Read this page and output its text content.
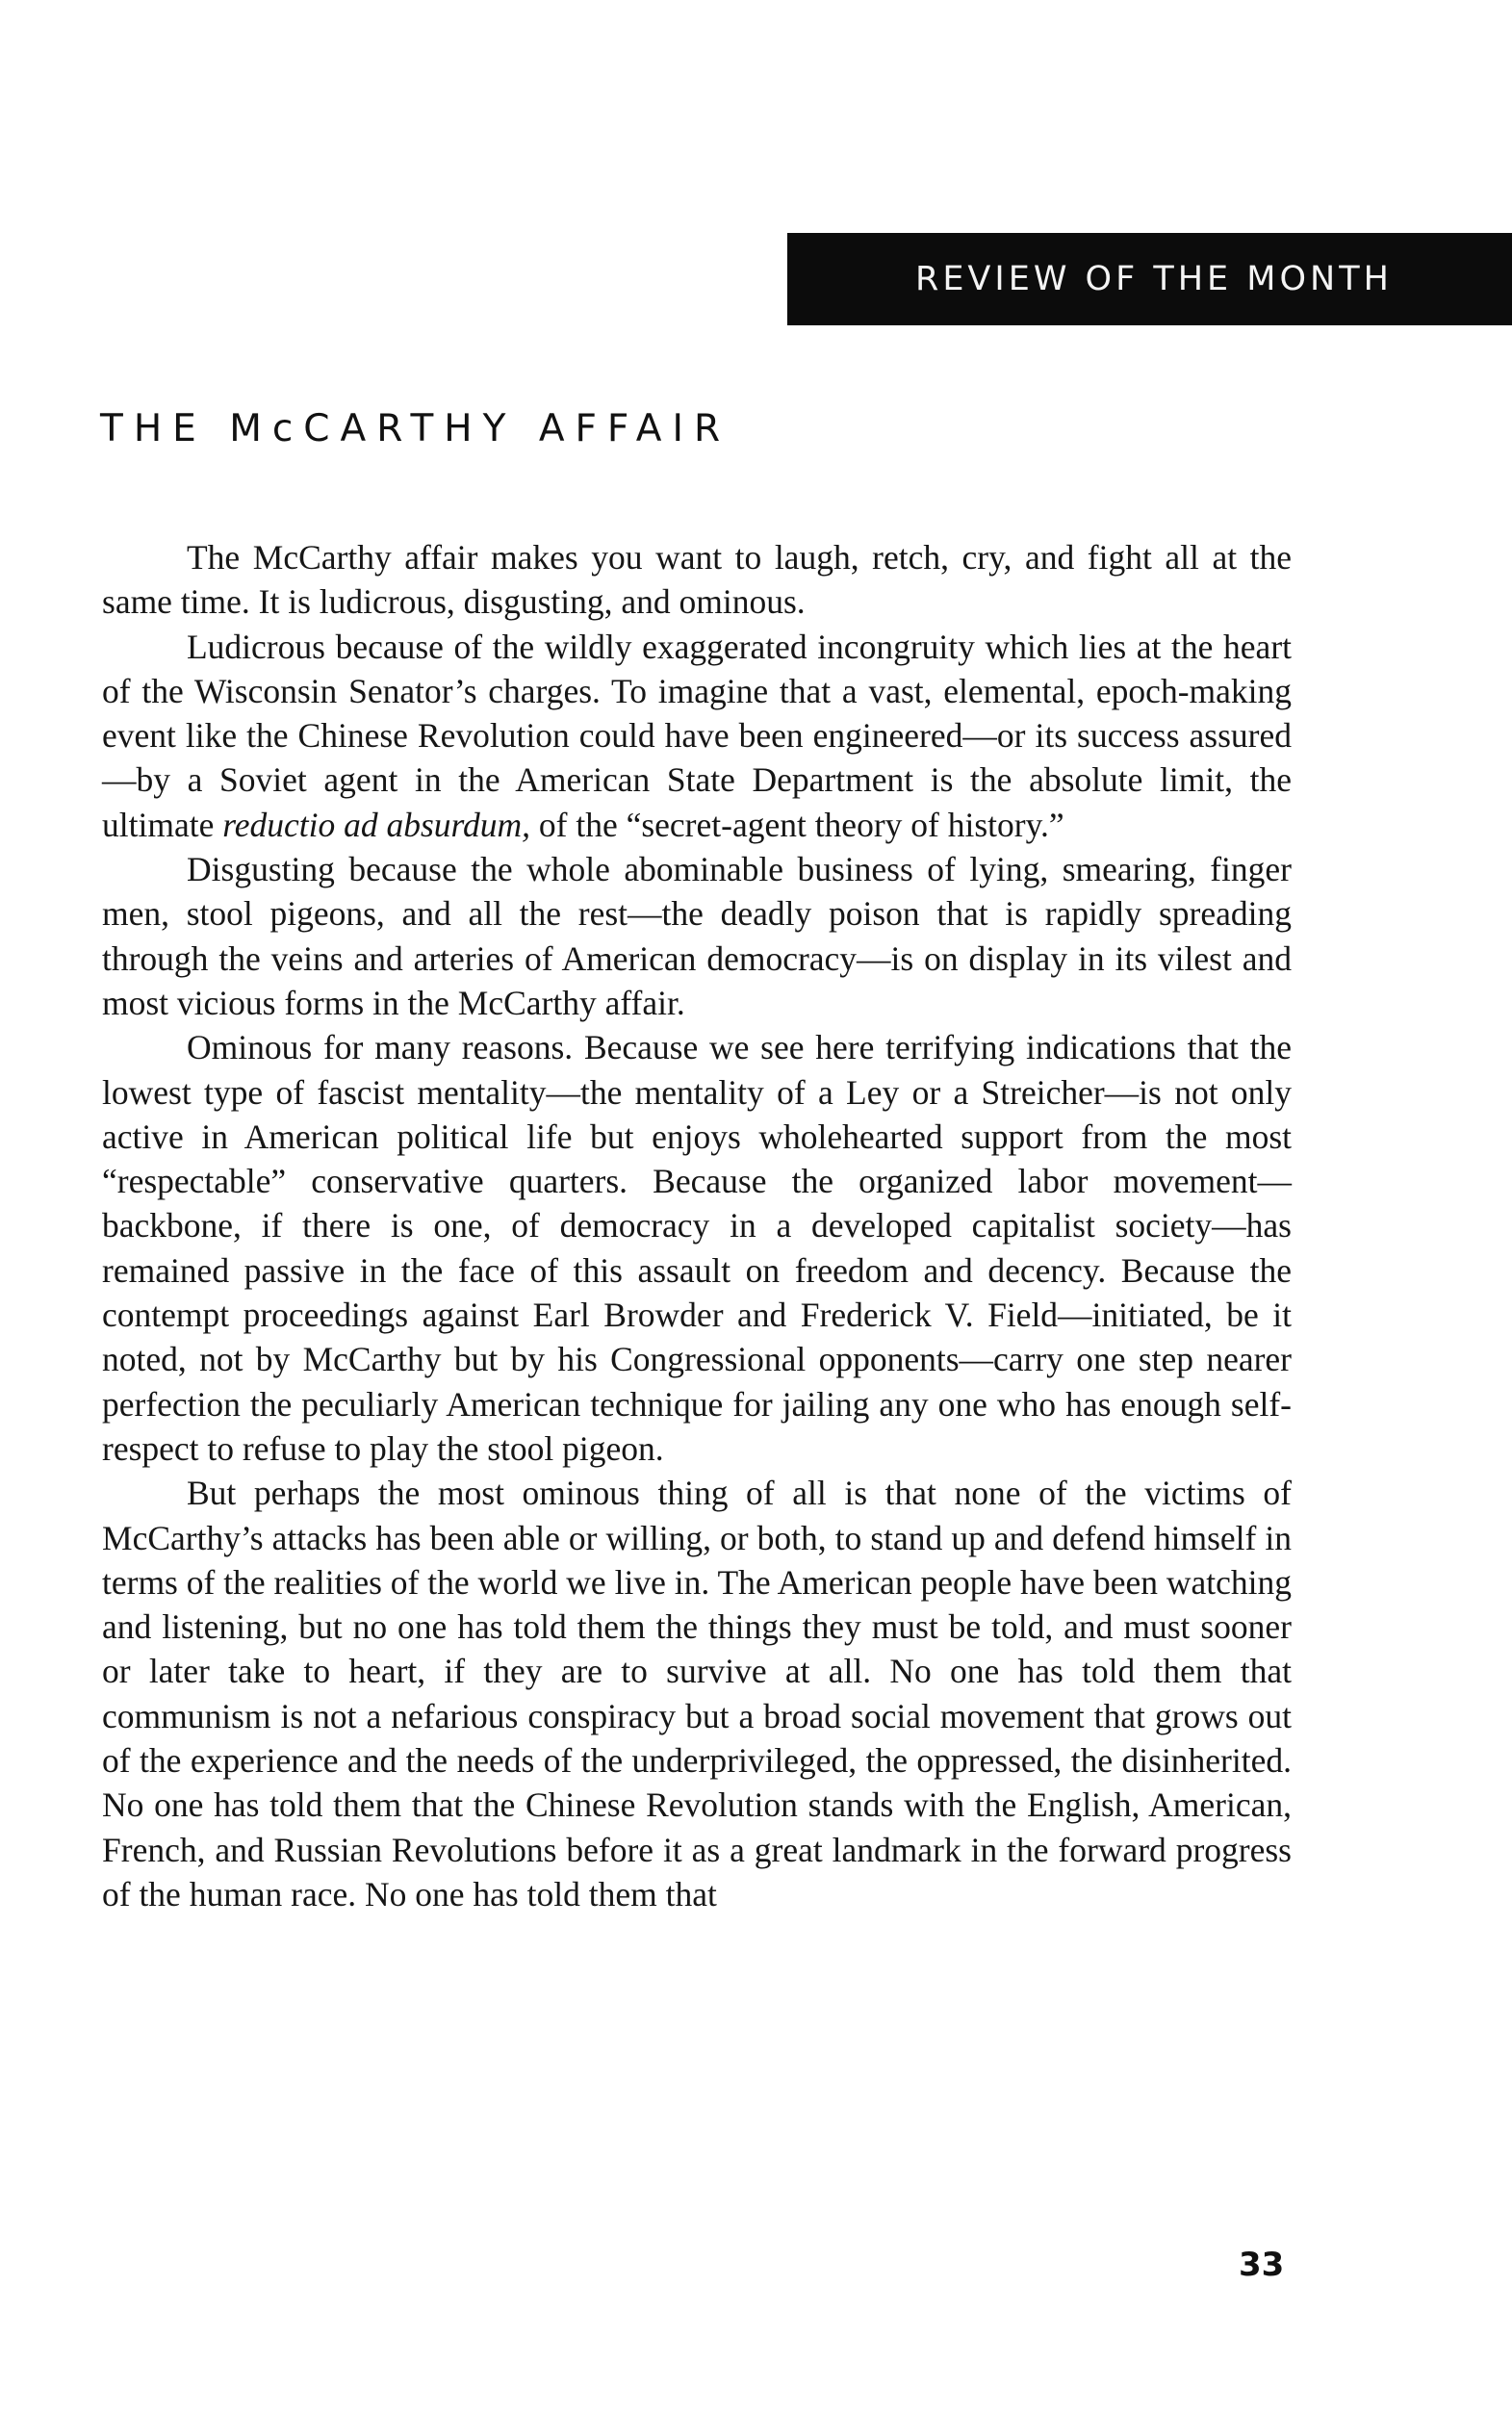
REVIEW OF THE MONTH
THE McCARTHY AFFAIR

The McCarthy affair makes you want to laugh, retch, cry, and fight all at the same time. It is ludicrous, disgusting, and ominous.

Ludicrous because of the wildly exaggerated incongruity which lies at the heart of the Wisconsin Senator’s charges. To imagine that a vast, elemental, epoch-making event like the Chinese Revolution could have been engineered—or its success assured—by a Soviet agent in the American State Department is the absolute limit, the ultimate reductio ad absurdum, of the “secret-agent theory of history.”

Disgusting because the whole abominable business of lying, smearing, finger men, stool pigeons, and all the rest—the deadly poison that is rapidly spreading through the veins and arteries of American democracy—is on display in its vilest and most vicious forms in the McCarthy affair.

Ominous for many reasons. Because we see here terrifying indications that the lowest type of fascist mentality—the mentality of a Ley or a Streicher—is not only active in American political life but enjoys wholehearted support from the most “respectable” conservative quarters. Because the organized labor movement—backbone, if there is one, of democracy in a developed capitalist society—has remained passive in the face of this assault on freedom and decency. Because the contempt proceedings against Earl Browder and Frederick V. Field—initiated, be it noted, not by McCarthy but by his Congressional opponents—carry one step nearer perfection the peculiarly American technique for jailing any one who has enough self-respect to refuse to play the stool pigeon.

But perhaps the most ominous thing of all is that none of the victims of McCarthy’s attacks has been able or willing, or both, to stand up and defend himself in terms of the realities of the world we live in. The American people have been watching and listening, but no one has told them the things they must be told, and must sooner or later take to heart, if they are to survive at all. No one has told them that communism is not a nefarious conspiracy but a broad social movement that grows out of the experience and the needs of the underprivileged, the oppressed, the disinherited. No one has told them that the Chinese Revolution stands with the English, American, French, and Russian Revolutions before it as a great landmark in the forward progress of the human race. No one has told them that

33
